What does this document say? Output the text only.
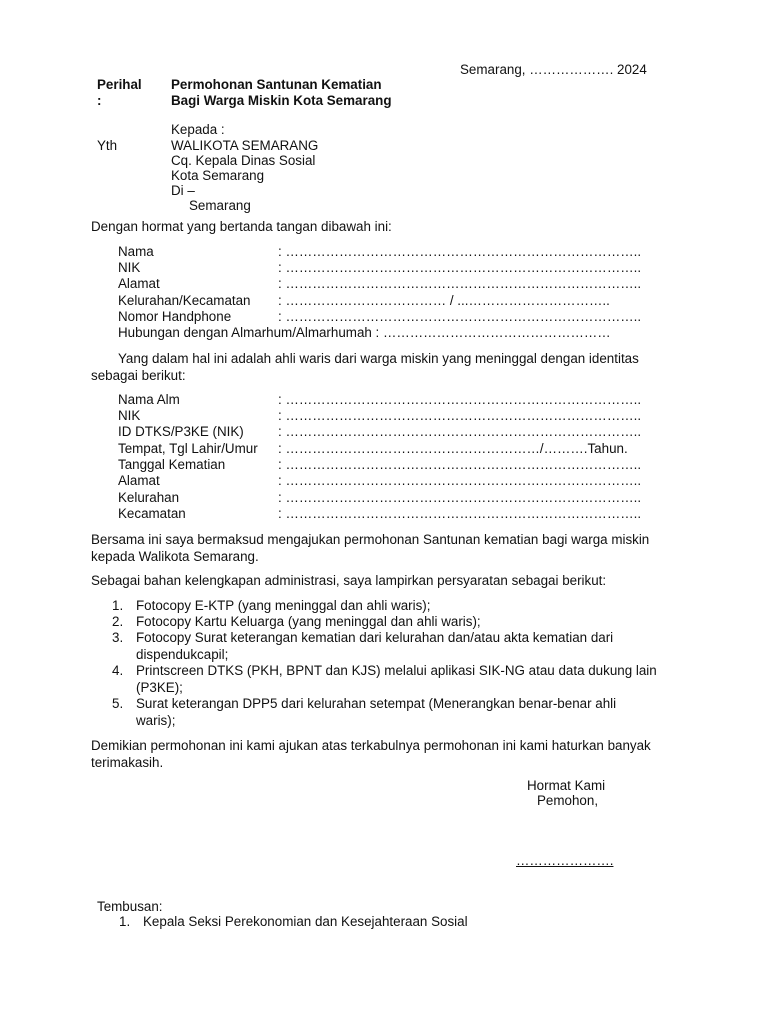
Semarang, ………………. 2024
Perihal
:
Permohonan Santunan Kematian
Bagi Warga Miskin Kota Semarang
Kepada :
Yth	WALIKOTA SEMARANG
Cq. Kepala Dinas Sosial
Kota Semarang
Di –
Semarang
Dengan hormat yang bertanda tangan dibawah ini:
Nama	: ……………………………………………………………………..
NIK	: ……………………………………………………………………..
Alamat	: ……………………………………………………………………..
Kelurahan/Kecamatan : ……………………………… / ...…………………………..
Nomor Handphone	: ……………………………………………………………………..
Hubungan dengan Almarhum/Almarhumah : ……………………………………………
Yang dalam hal ini adalah ahli waris dari warga miskin yang meninggal dengan identitas sebagai berikut:
Nama Alm	: ……………………………………………………………………..
NIK	: ……………………………………………………………………..
ID DTKS/P3KE (NIK)	: ……………………………………………………………………..
Tempat, Tgl Lahir/Umur : …………………………………………………/……….Tahun.
Tanggal Kematian	: ……………………………………………………………………..
Alamat	: ……………………………………………………………………..
Kelurahan	: ……………………………………………………………………..
Kecamatan	: ……………………………………………………………………..
Bersama ini saya bermaksud mengajukan permohonan Santunan kematian bagi warga miskin kepada Walikota Semarang.
Sebagai bahan kelengkapan administrasi, saya lampirkan persyaratan sebagai berikut:
1. Fotocopy E-KTP (yang meninggal dan ahli waris);
2. Fotocopy Kartu Keluarga (yang meninggal dan ahli waris);
3. Fotocopy Surat keterangan kematian dari kelurahan dan/atau akta kematian dari dispendukcapil;
4. Printscreen DTKS (PKH, BPNT dan KJS) melalui aplikasi SIK-NG atau data dukung lain (P3KE);
5. Surat keterangan DPP5 dari kelurahan setempat (Menerangkan benar-benar ahli waris);
Demikian permohonan ini kami ajukan atas terkabulnya permohonan ini kami haturkan banyak terimakasih.
Hormat Kami
Pemohon,
………………….
Tembusan:
1. Kepala Seksi Perekonomian dan Kesejahteraan Sosial
